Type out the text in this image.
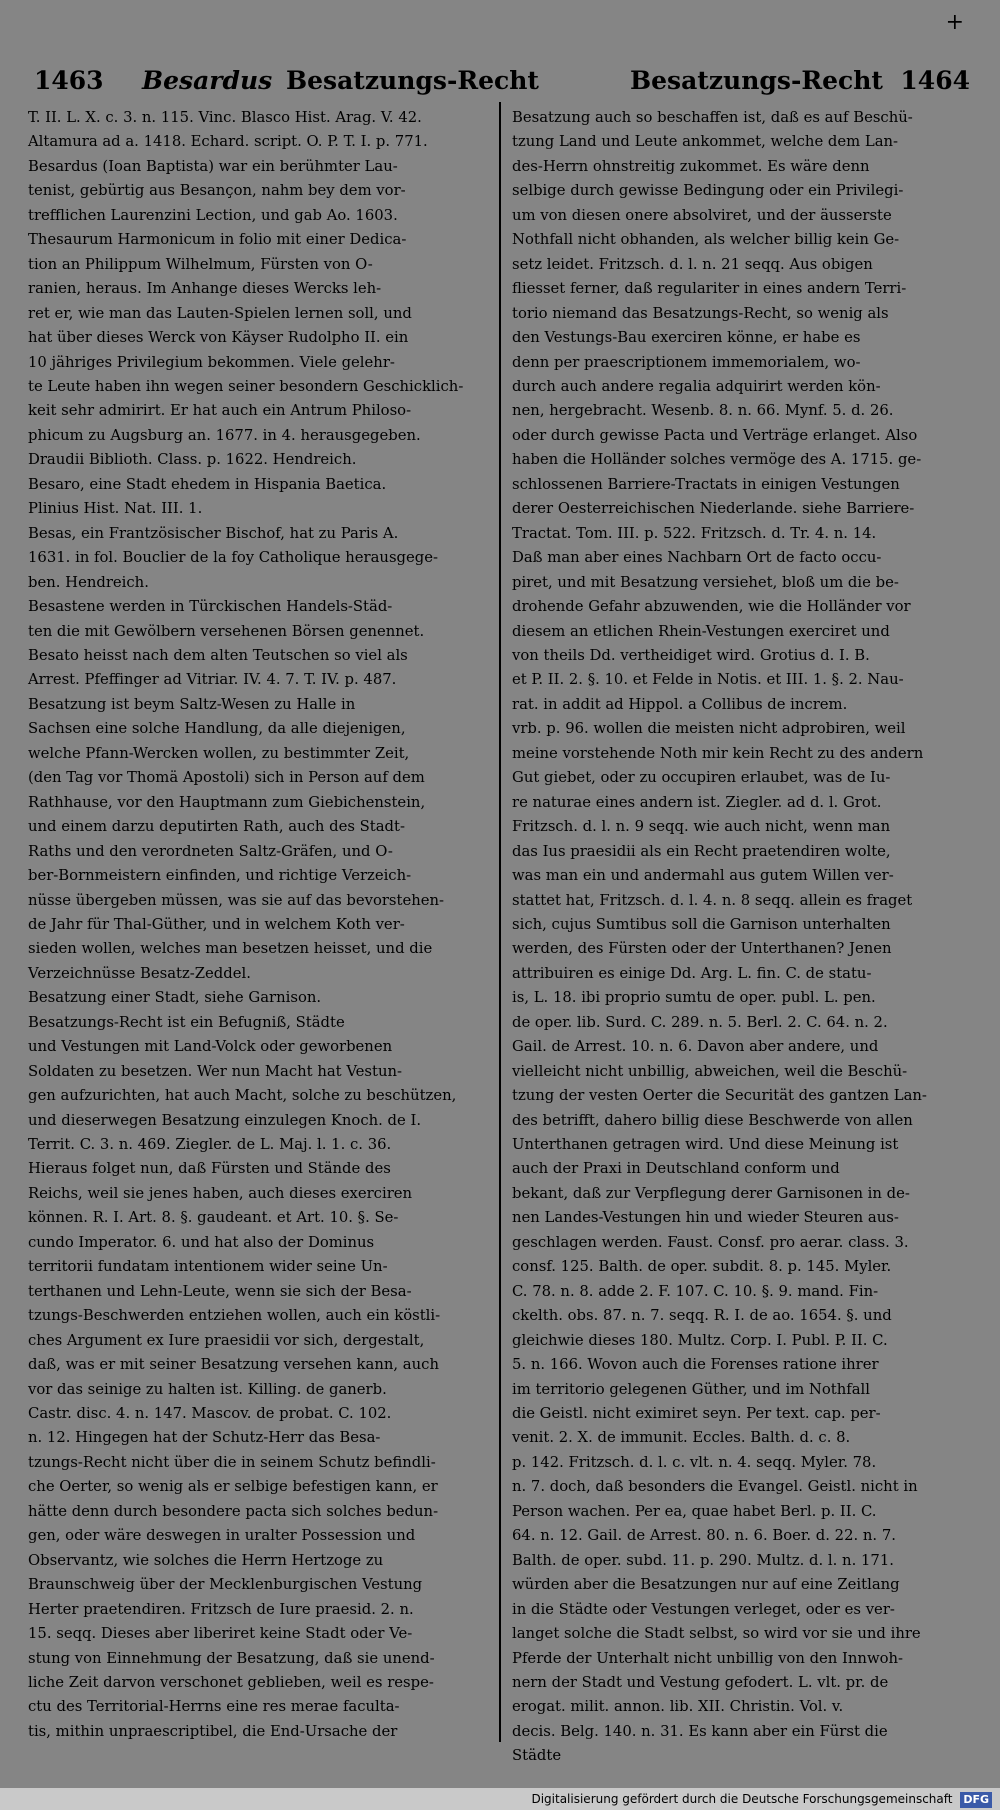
+
1463 Besardus Besatzungs-Recht	Besatzungs-Recht 1464
T. II. L. X. c. 3. n. 115. Vinc. Blasco Hist. Arag. V. 42.
Altamura ad a. 1418. Echard. script. O. P. T. I. p. 771.
Besardus (Ioan Baptista) war ein berühmter Lau-
tenist, gebürtig aus Besançon, nahm bey dem vor-
trefflichen Laurenzini Lection, und gab Ao. 1603.
Thesaurum Harmonicum in folio mit einer Dedica-
tion an Philippum Wilhelmum, Fürsten von O-
ranien, heraus. Im Anhange dieses Wercks leh-
ret er, wie man das Lauten-Spielen lernen soll, und
hat über dieses Werck von Käyser Rudolpho II. ein
10 jähriges Privilegium bekommen. Viele gelehr-
te Leute haben ihn wegen seiner besondern Geschicklich-
keit sehr admirirt. Er hat auch ein Antrum Philoso-
phicum zu Augsburg an. 1677. in 4. herausgegeben.
Draudii Biblioth. Class. p. 1622. Hendreich.
Besaro, eine Stadt ehedem in Hispania Baetica.
Plinius Hist. Nat. III. 1.
Besas, ein Frantzösischer Bischof, hat zu Paris A.
1631. in fol. Bouclier de la foy Catholique herausgege-
ben. Hendreich.
Besastene werden in Türckischen Handels-Städ-
ten die mit Gewölbern versehenen Börsen genennet.
Besato heisst nach dem alten Teutschen so viel als
Arrest. Pfeffinger ad Vitriar. IV. 4. 7. T. IV. p. 487.
Besatzung ist beym Saltz-Wesen zu Halle in
Sachsen eine solche Handlung, da alle diejenigen,
welche Pfann-Wercken wollen, zu bestimmter Zeit,
(den Tag vor Thomä Apostoli) sich in Person auf dem
Rathhause, vor den Hauptmann zum Giebichenstein,
und einem darzu deputirten Rath, auch des Stadt-
Raths und den verordneten Saltz-Gräfen, und O-
ber-Bornmeistern einfinden, und richtige Verzeich-
nüsse übergeben müssen, was sie auf das bevorstehen-
de Jahr für Thal-Güther, und in welchem Koth ver-
sieden wollen, welches man besetzen heisset, und die
Verzeichnüsse Besatz-Zeddel.
Besatzung einer Stadt, siehe Garnison.
Besatzungs-Recht ist ein Befugniß, Städte
und Vestungen mit Land-Volck oder geworbenen
Soldaten zu besetzen. Wer nun Macht hat Vestun-
gen aufzurichten, hat auch Macht, solche zu beschützen,
und dieserwegen Besatzung einzulegen Knoch. de I.
Territ. C. 3. n. 469. Ziegler. de L. Maj. l. 1. c. 36.
Hieraus folget nun, daß Fürsten und Stände des
Reichs, weil sie jenes haben, auch dieses exerciren
können. R. I. Art. 8. §. gaudeant. et Art. 10. §. Se-
cundo Imperator. 6. und hat also der Dominus
territorii fundatam intentionem wider seine Un-
terthanen und Lehn-Leute, wenn sie sich der Besa-
tzungs-Beschwerden entziehen wollen, auch ein köstli-
ches Argument ex Iure praesidii vor sich, dergestalt,
daß, was er mit seiner Besatzung versehen kann, auch
vor das seinige zu halten ist. Killing. de ganerb.
Castr. disc. 4. n. 147. Mascov. de probat. C. 102.
n. 12. Hingegen hat der Schutz-Herr das Besa-
tzungs-Recht nicht über die in seinem Schutz befindli-
che Oerter, so wenig als er selbige befestigen kann, er
hätte denn durch besondere pacta sich solches bedun-
gen, oder wäre deswegen in uralter Possession und
Observantz, wie solches die Herrn Hertzoge zu
Braunschweig über der Mecklenburgischen Vestung
Herter praetendiren. Fritzsch de Iure praesid. 2. n.
15. seqq. Dieses aber liberiret keine Stadt oder Ve-
stung von Einnehmung der Besatzung, daß sie unend-
liche Zeit darvon verschonet geblieben, weil es respe-
ctu des Territorial-Herrns eine res merae faculta-
tis, mithin unpraescriptibel, die End-Ursache der
Besatzung auch so beschaffen ist, daß es auf Beschü-
tzung Land und Leute ankommet, welche dem Lan-
des-Herrn ohnstreitig zukommet. Es wäre denn
selbige durch gewisse Bedingung oder ein Privilegi-
um von diesen onere absolviret, und der äusserste
Nothfall nicht obhanden, als welcher billig kein Ge-
setz leidet. Fritzsch. d. l. n. 21 seqq. Aus obigen
fliesset ferner, daß regulariter in eines andern Terri-
torio niemand das Besatzungs-Recht, so wenig als
den Vestungs-Bau exerciren könne, er habe es
denn per praescriptionem immemorialem, wo-
durch auch andere regalia adquirirt werden kön-
nen, hergebracht. Wesenb. 8. n. 66. Mynf. 5. d. 26.
oder durch gewisse Pacta und Verträge erlanget. Also
haben die Holländer solches vermöge des A. 1715. ge-
schlossenen Barriere-Tractats in einigen Vestungen
derer Oesterreichischen Niederlande. siehe Barriere-
Tractat. Tom. III. p. 522. Fritzsch. d. Tr. 4. n. 14.
Daß man aber eines Nachbarn Ort de facto occu-
piret, und mit Besatzung versiehet, bloß um die be-
drohende Gefahr abzuwenden, wie die Holländer vor
diesem an etlichen Rhein-Vestungen exerciret und
von theils Dd. vertheidiget wird. Grotius d. I. B.
et P. II. 2. §. 10. et Felde in Notis. et III. 1. §. 2. Nau-
rat. in addit ad Hippol. a Collibus de increm.
vrb. p. 96. wollen die meisten nicht adprobiren, weil
meine vorstehende Noth mir kein Recht zu des andern
Gut giebet, oder zu occupiren erlaubet, was de Iu-
re naturae eines andern ist. Ziegler. ad d. l. Grot.
Fritzsch. d. l. n. 9 seqq. wie auch nicht, wenn man
das Ius praesidii als ein Recht praetendiren wolte,
was man ein und andermahl aus gutem Willen ver-
stattet hat, Fritzsch. d. l. 4. n. 8 seqq. allein es fraget
sich, cujus Sumtibus soll die Garnison unterhalten
werden, des Fürsten oder der Unterthanen? Jenen
attribuiren es einige Dd. Arg. L. fin. C. de statu-
is, L. 18. ibi proprio sumtu de oper. publ. L. pen.
de oper. lib. Surd. C. 289. n. 5. Berl. 2. C. 64. n. 2.
Gail. de Arrest. 10. n. 6. Davon aber andere, und
vielleicht nicht unbillig, abweichen, weil die Beschü-
tzung der vesten Oerter die Securität des gantzen Lan-
des betrifft, dahero billig diese Beschwerde von allen
Unterthanen getragen wird. Und diese Meinung ist
auch der Praxi in Deutschland conform und
bekant, daß zur Verpflegung derer Garnisonen in de-
nen Landes-Vestungen hin und wieder Steuren aus-
geschlagen werden. Faust. Consf. pro aerar. class. 3.
consf. 125. Balth. de oper. subdit. 8. p. 145. Myler.
C. 78. n. 8. adde 2. F. 107. C. 10. §. 9. mand. Fin-
ckelth. obs. 87. n. 7. seqq. R. I. de ao. 1654. §. und
gleichwie dieses 180. Multz. Corp. I. Publ. P. II. C.
5. n. 166. Wovon auch die Forenses ratione ihrer
im territorio gelegenen Güther, und im Nothfall
die Geistl. nicht eximiret seyn. Per text. cap. per-
venit. 2. X. de immunit. Eccles. Balth. d. c. 8.
p. 142. Fritzsch. d. l. c. vlt. n. 4. seqq. Myler. 78.
n. 7. doch, daß besonders die Evangel. Geistl. nicht in
Person wachen. Per ea, quae habet Berl. p. II. C.
64. n. 12. Gail. de Arrest. 80. n. 6. Boer. d. 22. n. 7.
Balth. de oper. subd. 11. p. 290. Multz. d. l. n. 171.
würden aber die Besatzungen nur auf eine Zeitlang
in die Städte oder Vestungen verleget, oder es ver-
langet solche die Stadt selbst, so wird vor sie und ihre
Pferde der Unterhalt nicht unbillig von den Innwoh-
nern der Stadt und Vestung gefodert. L. vlt. pr. de
erogat. milit. annon. lib. XII. Christin. Vol. v.
decis. Belg. 140. n. 31. Es kann aber ein Fürst die
Städte
Digitalisierung gefördert durch die Deutsche Forschungsgemeinschaft DFG
